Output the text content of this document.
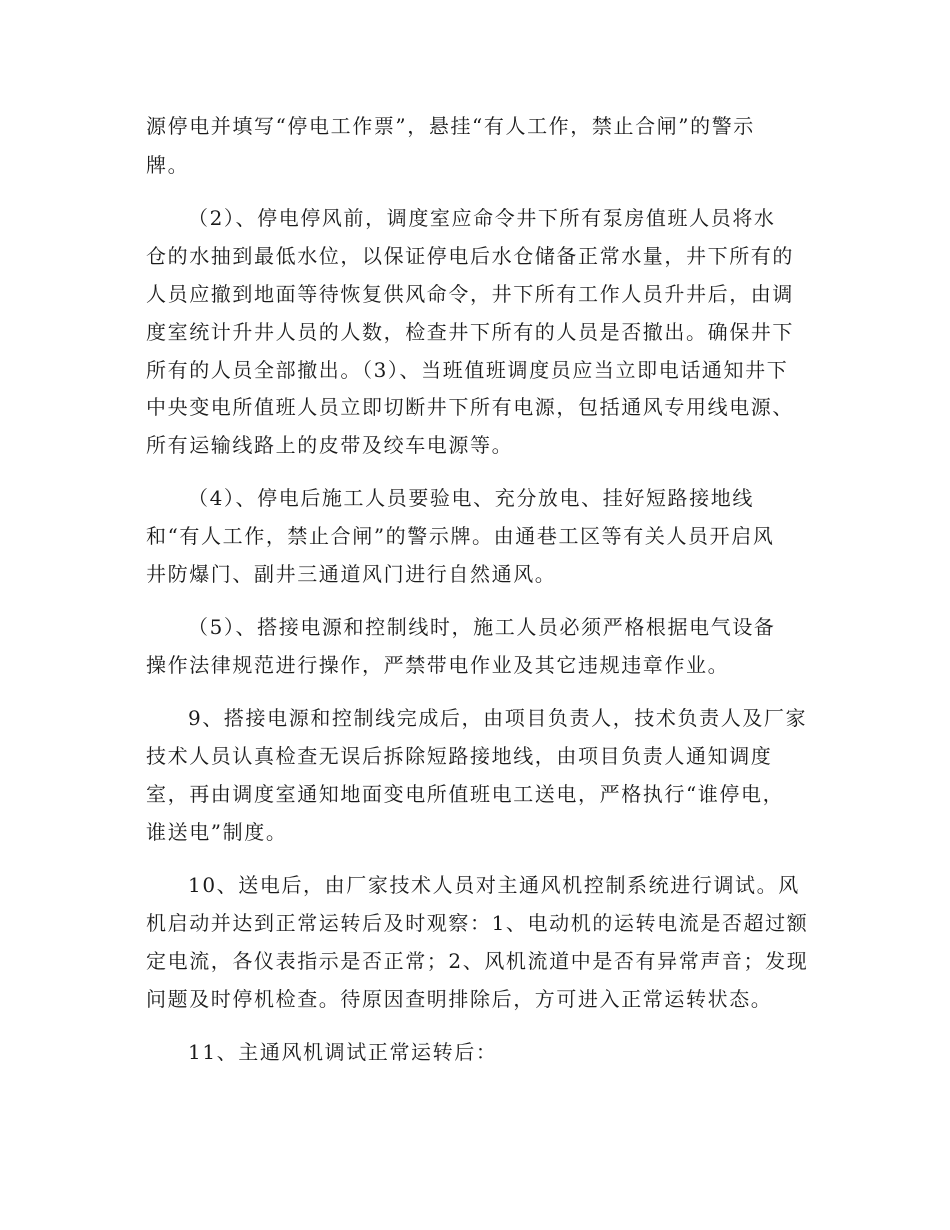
源停电并填写“停电工作票”，悬挂“有人工作，禁止合闸”的警示
牌。
（2）、停电停风前，调度室应命令井下所有泵房值班人员将水
仓的水抽到最低水位，以保证停电后水仓储备正常水量，井下所有的
人员应撤到地面等待恢复供风命令，井下所有工作人员升井后，由调
度室统计升井人员的人数，检查井下所有的人员是否撤出。确保井下
所有的人员全部撤出。（3）、当班值班调度员应当立即电话通知井下
中央变电所值班人员立即切断井下所有电源，包括通风专用线电源、
所有运输线路上的皮带及绞车电源等。
（4）、停电后施工人员要验电、充分放电、挂好短路接地线
和“有人工作，禁止合闸”的警示牌。由通巷工区等有关人员开启风
井防爆门、副井三通道风门进行自然通风。
（5）、搭接电源和控制线时，施工人员必须严格根据电气设备
操作法律规范进行操作，严禁带电作业及其它违规违章作业。
9、搭接电源和控制线完成后，由项目负责人，技术负责人及厂家
技术人员认真检查无误后拆除短路接地线，由项目负责人通知调度
室，再由调度室通知地面变电所值班电工送电，严格执行“谁停电，
谁送电”制度。
10、送电后，由厂家技术人员对主通风机控制系统进行调试。风
机启动并达到正常运转后及时观察：1、电动机的运转电流是否超过额
定电流，各仪表指示是否正常；2、风机流道中是否有异常声音；发现
问题及时停机检查。待原因查明排除后，方可进入正常运转状态。
11、主通风机调试正常运转后：
